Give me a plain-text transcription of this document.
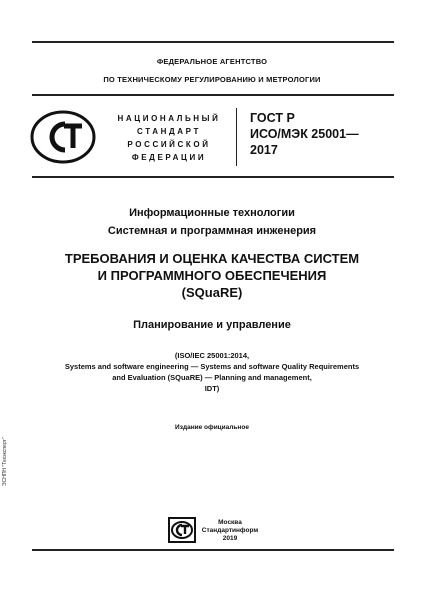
ФЕДЕРАЛЬНОЕ АГЕНТСТВО
ПО ТЕХНИЧЕСКОМУ РЕГУЛИРОВАНИЮ И МЕТРОЛОГИИ
НАЦИОНАЛЬНЫЙ
СТАНДАРТ
РОССИЙСКОЙ
ФЕДЕРАЦИИ
ГОСТ Р
ИСО/МЭК 25001—
2017
Информационные технологии
Системная и программная инженерия
ТРЕБОВАНИЯ И ОЦЕНКА КАЧЕСТВА СИСТЕМ
И ПРОГРАММНОГО ОБЕСПЕЧЕНИЯ
(SQuaRE)
Планирование и управление
(ISO/IEC 25001:2014,
Systems and software engineering — Systems and software Quality Requirements
and Evaluation (SQuaRE) — Planning and management,
IDT)
Издание официальное
ЭСНПН "Техэксперт"
Москва
Стандартинформ
2019
